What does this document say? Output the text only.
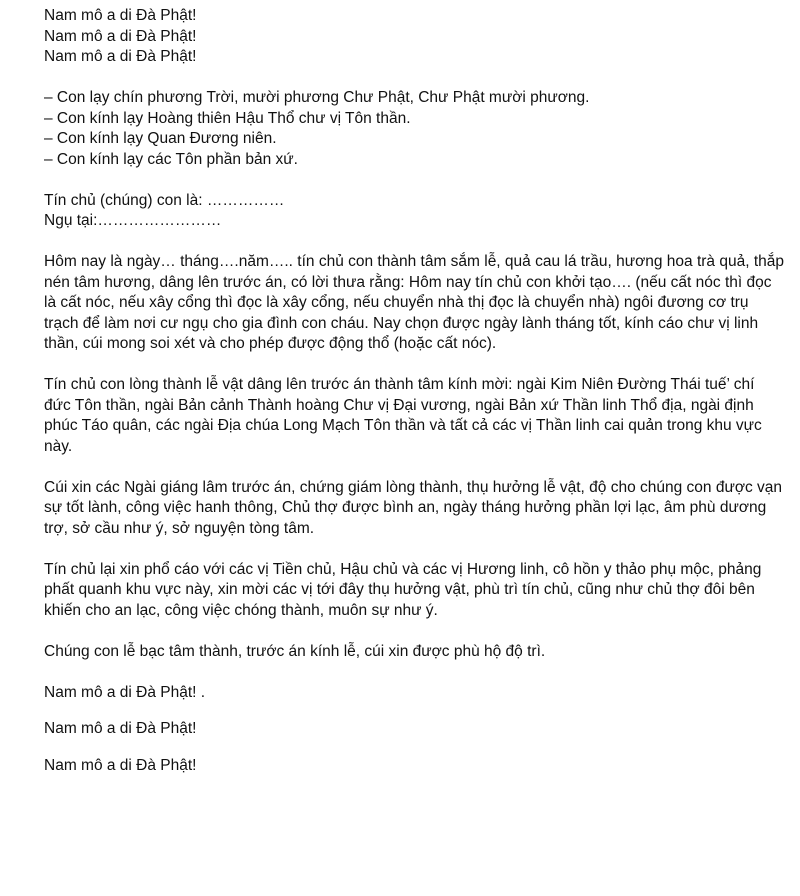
Nam mô a di Đà Phật!
Nam mô a di Đà Phật!
Nam mô a di Đà Phật!
– Con lạy chín phương Trời, mười phương Chư Phật, Chư Phật mười phương.
– Con kính lạy Hoàng thiên Hậu Thổ chư vị Tôn thần.
– Con kính lạy Quan Đương niên.
– Con kính lạy các Tôn phần bản xứ.
Tín chủ (chúng) con là: ……………
Ngụ tại:……………………
Hôm nay là ngày… tháng….năm….. tín chủ con thành tâm sắm lễ, quả cau lá trầu, hương hoa trà quả, thắp nén tâm hương, dâng lên trước án, có lời thưa rằng: Hôm nay tín chủ con khởi tạo…. (nếu cất nóc thì đọc là cất nóc, nếu xây cổng thì đọc là xây cổng, nếu chuyển nhà thị đọc là chuyển nhà) ngôi đương cơ trụ trạch để làm nơi cư ngụ cho gia đình con cháu. Nay chọn được ngày lành tháng tốt, kính cáo chư vị linh thần, cúi mong soi xét và cho phép được động thổ (hoặc cất nóc).
Tín chủ con lòng thành lễ vật dâng lên trước án thành tâm kính mời: ngài Kim Niên Đường Thái tuế’ chí đức Tôn thần, ngài Bản cảnh Thành hoàng Chư vị Đại vương, ngài Bản xứ Thần linh Thổ địa, ngài định phúc Táo quân, các ngài Địa chúa Long Mạch Tôn thần và tất cả các vị Thần linh cai quản trong khu vực này.
Cúi xin các Ngài giáng lâm trước án, chứng giám lòng thành, thụ hưởng lễ vật, độ cho chúng con được vạn sự tốt lành, công việc hanh thông, Chủ thợ được bình an, ngày tháng hưởng phần lợi lạc, âm phù dương trợ, sở cầu như ý, sở nguyện tòng tâm.
Tín chủ lại xin phổ cáo với các vị Tiền chủ, Hậu chủ và các vị Hương linh, cô hồn y thảo phụ mộc, phảng phất quanh khu vực này, xin mời các vị tới đây thụ hưởng vật, phù trì tín chủ, cũng như chủ thợ đôi bên khiến cho an lạc, công việc chóng thành, muôn sự như ý.
Chúng con lễ bạc tâm thành, trước án kính lễ, cúi xin được phù hộ độ trì.
Nam mô a di Đà Phật! .
Nam mô a di Đà Phật!
Nam mô a di Đà Phật!
